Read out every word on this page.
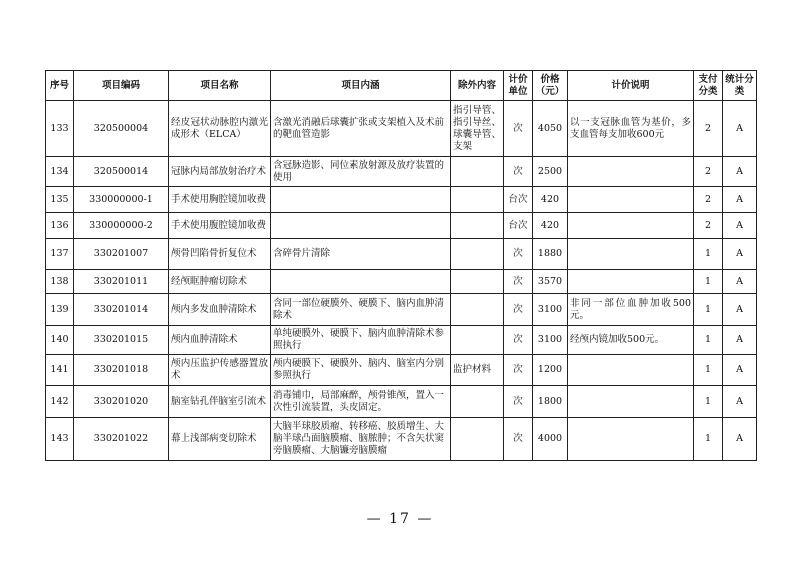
序号	项目编码	项目名称	项目内涵	除外内容	计价单位	价格（元）	计价说明	支付分类	统计分类
133	320500004	经皮冠状动脉腔内激光成形术（ELCA）	含激光消融后球囊扩张或支架植入及术前的靶血管造影	指引导管、指引导丝、球囊导管、支架	次	4050	以一支冠脉血管为基价，多支血管每支加收600元	2	A
134	320500014	冠脉内局部放射治疗术	含冠脉造影、同位素放射源及放疗装置的使用		次	2500		2	A
135	330000000-1	手术使用胸腔镜加收费			台次	420		2	A
136	330000000-2	手术使用腹腔镜加收费			台次	420		2	A
137	330201007	颅骨凹陷骨折复位术	含碎骨片清除		次	1880		1	A
138	330201011	经颅眶肿瘤切除术			次	3570		1	A
139	330201014	颅内多发血肿清除术	含同一部位硬膜外、硬膜下、脑内血肿清除术		次	3100	非同一部位血肿加收500元。	1	A
140	330201015	颅内血肿清除术	单纯硬膜外、硬膜下、脑内血肿清除术参照执行		次	3100	经颅内镜加收500元。	1	A
141	330201018	颅内压监护传感器置放术	颅内硬膜下、硬膜外、脑内、脑室内分别参照执行	监护材料	次	1200		1	A
142	330201020	脑室钻孔伴脑室引流术	消毒铺巾，局部麻醉，颅骨锥颅，置入一次性引流装置，头皮固定。		次	1800		1	A
143	330201022	幕上浅部病变切除术	大脑半球胶质瘤、转移癌、胶质增生、大脑半球凸面脑膜瘤、脑脓肿；不含矢状窦旁脑膜瘤、大脑镰旁脑膜瘤		次	4000		1	A
— 17 —
